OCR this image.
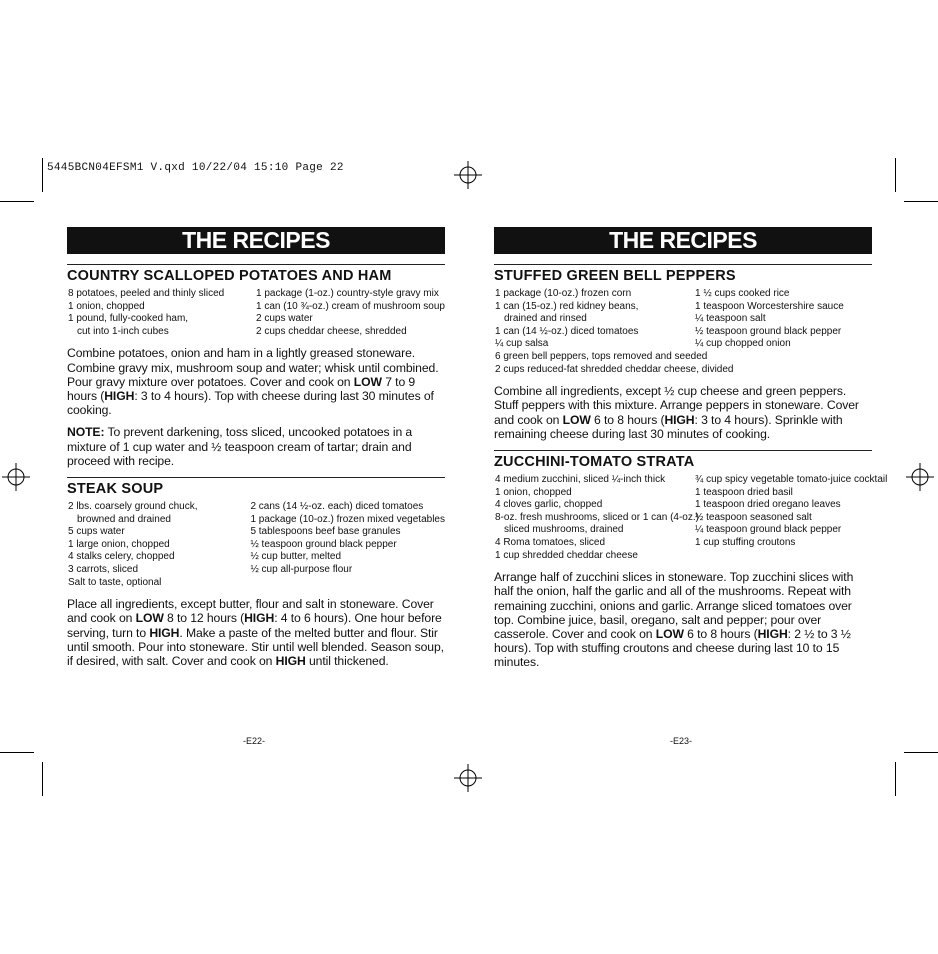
5445BCN04EFSM1 V.qxd 10/22/04 15:10 Page 22
THE RECIPES
COUNTRY SCALLOPED POTATOES AND HAM
8 potatoes, peeled and thinly sliced
1 onion, chopped
1 pound, fully-cooked ham,
cut into 1-inch cubes
1 package (1-oz.) country-style gravy mix
1 can (10 ¾-oz.) cream of mushroom soup
2 cups water
2 cups cheddar cheese, shredded
Combine potatoes, onion and ham in a lightly greased stoneware. Combine gravy mix, mushroom soup and water; whisk until combined. Pour gravy mixture over potatoes. Cover and cook on LOW 7 to 9 hours (HIGH: 3 to 4 hours). Top with cheese during last 30 minutes of cooking.
NOTE: To prevent darkening, toss sliced, uncooked potatoes in a mixture of 1 cup water and ½ teaspoon cream of tartar; drain and proceed with recipe.
STEAK SOUP
2 lbs. coarsely ground chuck,
browned and drained
5 cups water
1 large onion, chopped
4 stalks celery, chopped
3 carrots, sliced
Salt to taste, optional
2 cans (14 ½-oz. each) diced tomatoes
1 package (10-oz.) frozen mixed vegetables
5 tablespoons beef base granules
½ teaspoon ground black pepper
½ cup butter, melted
½ cup all-purpose flour
Place all ingredients, except butter, flour and salt in stoneware. Cover and cook on LOW 8 to 12 hours (HIGH: 4 to 6 hours). One hour before serving, turn to HIGH. Make a paste of the melted butter and flour. Stir until smooth. Pour into stoneware. Stir until well blended. Season soup, if desired, with salt. Cover and cook on HIGH until thickened.
-E22-
THE RECIPES
STUFFED GREEN BELL PEPPERS
1 package (10-oz.) frozen corn
1 can (15-oz.) red kidney beans,
drained and rinsed
1 can (14 ½-oz.) diced tomatoes
¼ cup salsa
6 green bell peppers, tops removed and seeded
2 cups reduced-fat shredded cheddar cheese, divided
1 ½ cups cooked rice
1 teaspoon Worcestershire sauce
¼ teaspoon salt
½ teaspoon ground black pepper
¼ cup chopped onion
Combine all ingredients, except ½ cup cheese and green peppers. Stuff peppers with this mixture. Arrange peppers in stoneware. Cover and cook on LOW 6 to 8 hours (HIGH: 3 to 4 hours). Sprinkle with remaining cheese during last 30 minutes of cooking.
ZUCCHINI-TOMATO STRATA
4 medium zucchini, sliced ¼-inch thick
1 onion, chopped
4 cloves garlic, chopped
8-oz. fresh mushrooms, sliced or 1 can (4-oz.)
sliced mushrooms, drained
4 Roma tomatoes, sliced
1 cup shredded cheddar cheese
¾ cup spicy vegetable tomato-juice cocktail
1 teaspoon dried basil
1 teaspoon dried oregano leaves
½ teaspoon seasoned salt
¼ teaspoon ground black pepper
1 cup stuffing croutons
Arrange half of zucchini slices in stoneware. Top zucchini slices with half the onion, half the garlic and all of the mushrooms. Repeat with remaining zucchini, onions and garlic. Arrange sliced tomatoes over top. Combine juice, basil, oregano, salt and pepper; pour over casserole. Cover and cook on LOW 6 to 8 hours (HIGH: 2 ½ to 3 ½ hours). Top with stuffing croutons and cheese during last 10 to 15 minutes.
-E23-
